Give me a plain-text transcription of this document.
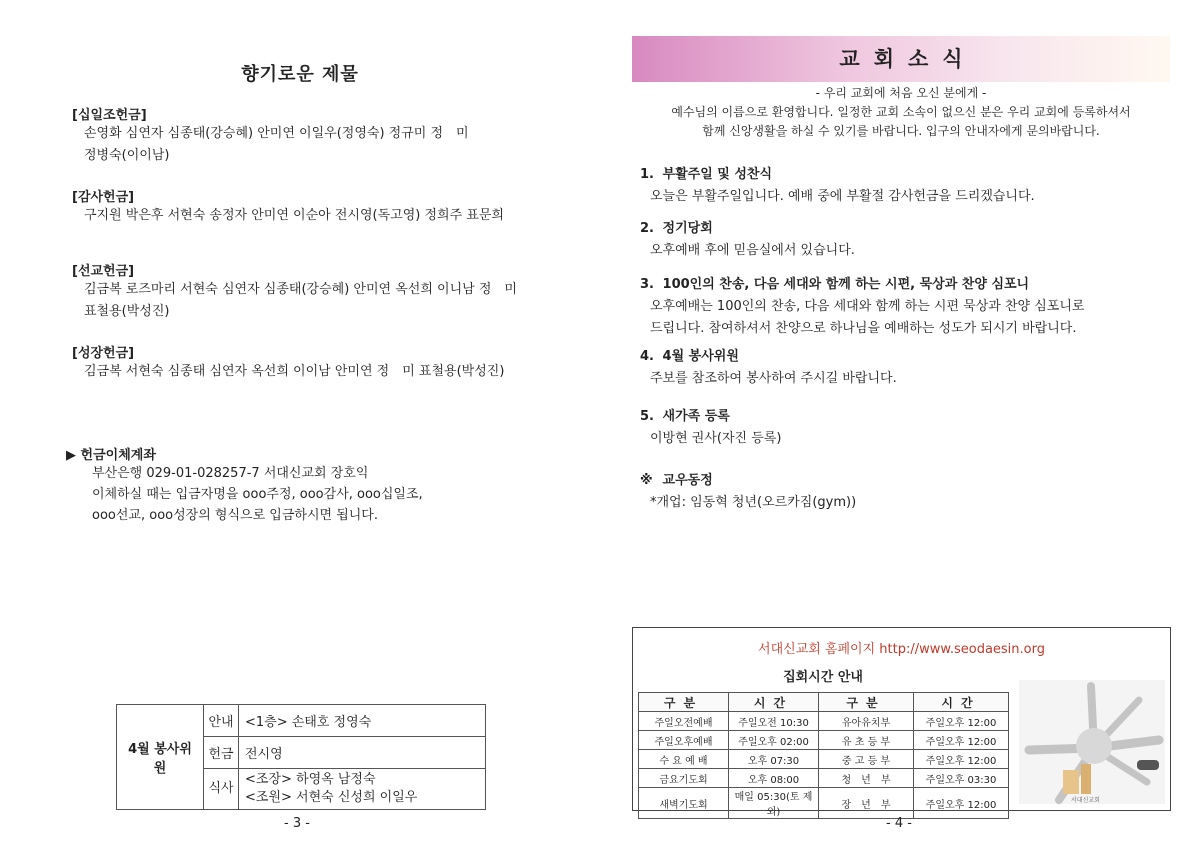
향기로운 제물
[십일조헌금]
손영화 심연자 심종태(강승혜) 안미연 이일우(정영숙) 정규미 정　미
정병숙(이이남)
[감사헌금]
구지원 박은후 서현숙 송정자 안미연 이순아 전시영(독고영) 정희주 표문희
[선교헌금]
김금복 로즈마리 서현숙 심연자 심종태(강승혜) 안미연 옥선희 이니남 정　미
표철용(박성진)
[성장헌금]
김금복 서현숙 심종태 심연자 옥선희 이이남 안미연 정　미 표철용(박성진)
▶ 헌금이체계좌
부산은행 029-01-028257-7 서대신교회 장호익
이체하실 때는 입금자명을 ooo주정, ooo감사, ooo십일조,
ooo선교, ooo성장의 형식으로 입금하시면 됩니다.
4월 봉사위원	안내	<1층> 손태호 정영숙
	헌금	전시영
	식사	<조장> 하영옥 남정숙
<조원> 서현숙 신성희 이일우
- 3 -
교회소식
- 우리 교회에 처음 오신 분에게 -
예수님의 이름으로 환영합니다. 일정한 교회 소속이 없으신 분은 우리 교회에 등록하셔서
함께 신앙생활을 하실 수 있기를 바랍니다. 입구의 안내자에게 문의바랍니다.
1. 부활주일 및 성찬식
오늘은 부활주일입니다. 예배 중에 부활절 감사헌금을 드리겠습니다.
2. 정기당회
오후예배 후에 믿음실에서 있습니다.
3. 100인의 찬송, 다음 세대와 함께 하는 시편, 묵상과 찬양 심포니
오후예배는 100인의 찬송, 다음 세대와 함께 하는 시편 묵상과 찬양 심포니로
드립니다. 참여하셔서 찬양으로 하나님을 예배하는 성도가 되시기 바랍니다.
4. 4월 봉사위원
주보를 참조하여 봉사하여 주시길 바랍니다.
5. 새가족 등록
이방현 권사(자진 등록)
※ 교우동정
*개업: 임동혁 청년(오르카짐(gym))
서대신교회 홈페이지 http://www.seodaesin.org
집회시간 안내
구분	시간	구분	시간
주일오전예배	주일오전 10:30	유아유치부	주일오후 12:00
주일오후예배	주일오후 02:00	유 초 등 부	주일오후 12:00
수 요 예 배	오후 07:30	중 고 등 부	주일오후 12:00
금요기도회	오후 08:00	청　년　부	주일오후 03:30
새벽기도회	매일 05:30(토 제외)	장　년　부	주일오후 12:00	서대신교회
- 4 -
